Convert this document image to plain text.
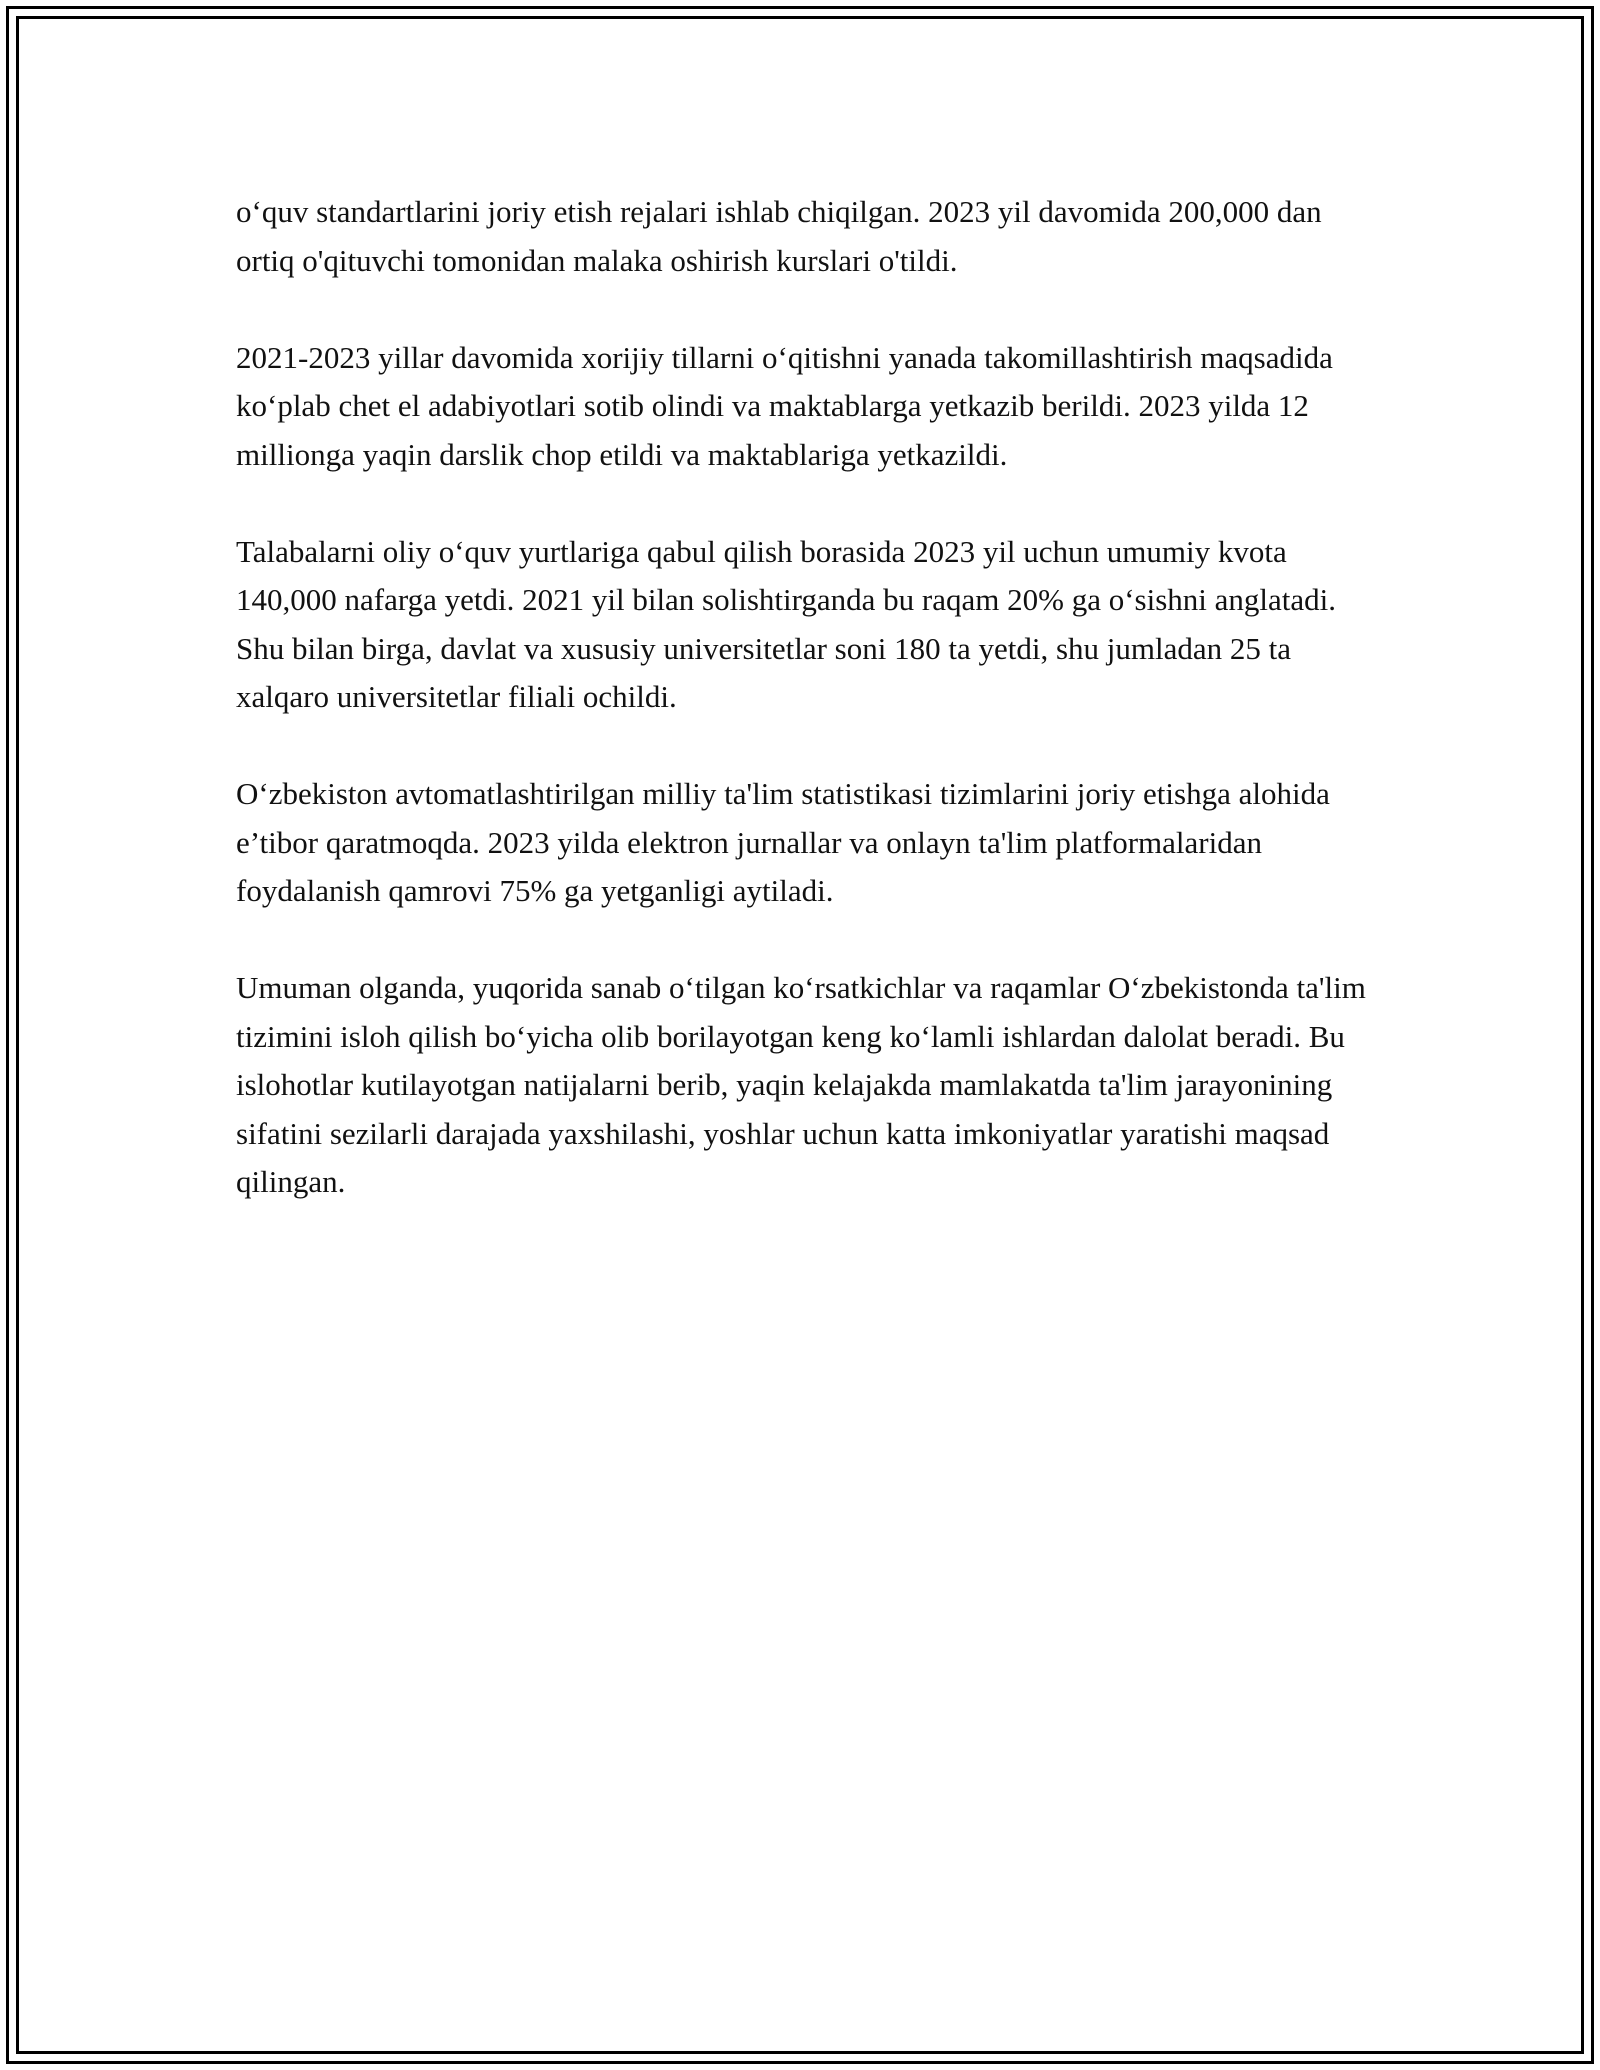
o‘quv standartlarini joriy etish rejalari ishlab chiqilgan. 2023 yil davomida 200,000 dan ortiq o'qituvchi tomonidan malaka oshirish kurslari o'tildi.

2021-2023 yillar davomida xorijiy tillarni o‘qitishni yanada takomillashtirish maqsadida ko‘plab chet el adabiyotlari sotib olindi va maktablarga yetkazib berildi. 2023 yilda 12 millionga yaqin darslik chop etildi va maktablariga yetkazildi.

Talabalarni oliy o‘quv yurtlariga qabul qilish borasida 2023 yil uchun umumiy kvota 140,000 nafarga yetdi. 2021 yil bilan solishtirganda bu raqam 20% ga o‘sishni anglatadi. Shu bilan birga, davlat va xususiy universitetlar soni 180 ta yetdi, shu jumladan 25 ta xalqaro universitetlar filiali ochildi.

O‘zbekiston avtomatlashtirilgan milliy ta'lim statistikasi tizimlarini joriy etishga alohida e’tibor qaratmoqda. 2023 yilda elektron jurnallar va onlayn ta'lim platformalaridan foydalanish qamrovi 75% ga yetganligi aytiladi.

Umuman olganda, yuqorida sanab o‘tilgan ko‘rsatkichlar va raqamlar O‘zbekistonda ta'lim tizimini isloh qilish bo‘yicha olib borilayotgan keng ko‘lamli ishlardan dalolat beradi. Bu islohotlar kutilayotgan natijalarni berib, yaqin kelajakda mamlakatda ta'lim jarayonining sifatini sezilarli darajada yaxshilashi, yoshlar uchun katta imkoniyatlar yaratishi maqsad qilingan.
